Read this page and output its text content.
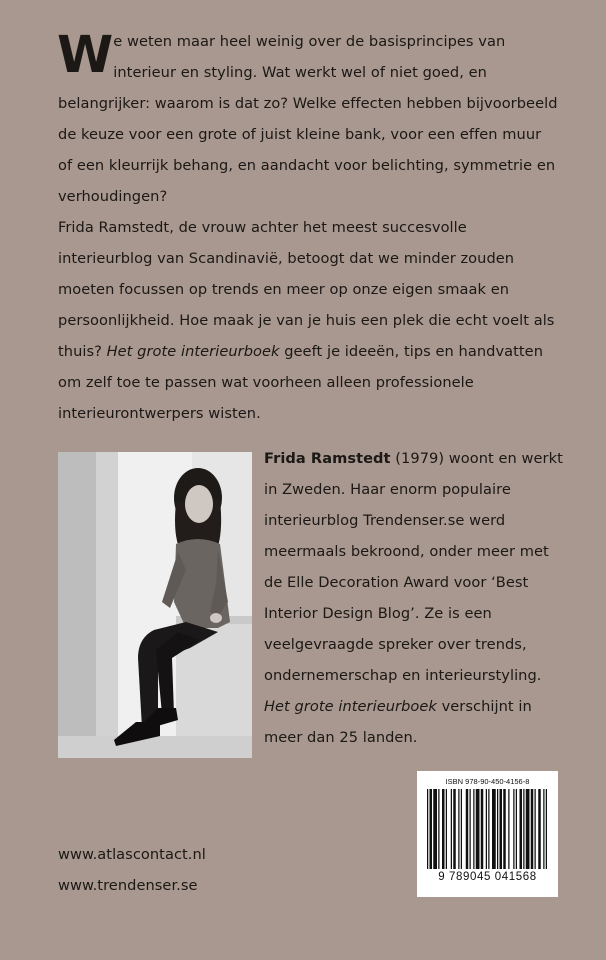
We weten maar heel weinig over de basisprincipes van interieur en styling. Wat werkt wel of niet goed, en belangrijker: waarom is dat zo? Welke effecten hebben bijvoorbeeld de keuze voor een grote of juist kleine bank, voor een effen muur of een kleurrijk behang, en aandacht voor belichting, symmetrie en verhoudingen?

Frida Ramstedt, de vrouw achter het meest succesvolle interieurblog van Scandinavië, betoogt dat we minder zouden moeten focussen op trends en meer op onze eigen smaak en persoonlijkheid. Hoe maak je van je huis een plek die echt voelt als thuis? Het grote interieurboek geeft je ideeën, tips en handvatten om zelf toe te passen wat voorheen alleen professionele interieurontwerpers wisten.

Frida Ramstedt (1979) woont en werkt in Zweden. Haar enorm populaire interieurblog Trendenser.se werd meermaals bekroond, onder meer met de Elle Decoration Award voor ‘Best Interior Design Blog’. Ze is een veelgevraagde spreker over trends, ondernemerschap en interieurstyling. Het grote interieurboek verschijnt in meer dan 25 landen.

ISBN 978-90-450-4156-8
9 789045 041568
www.atlascontact.nl
www.trendenser.se
